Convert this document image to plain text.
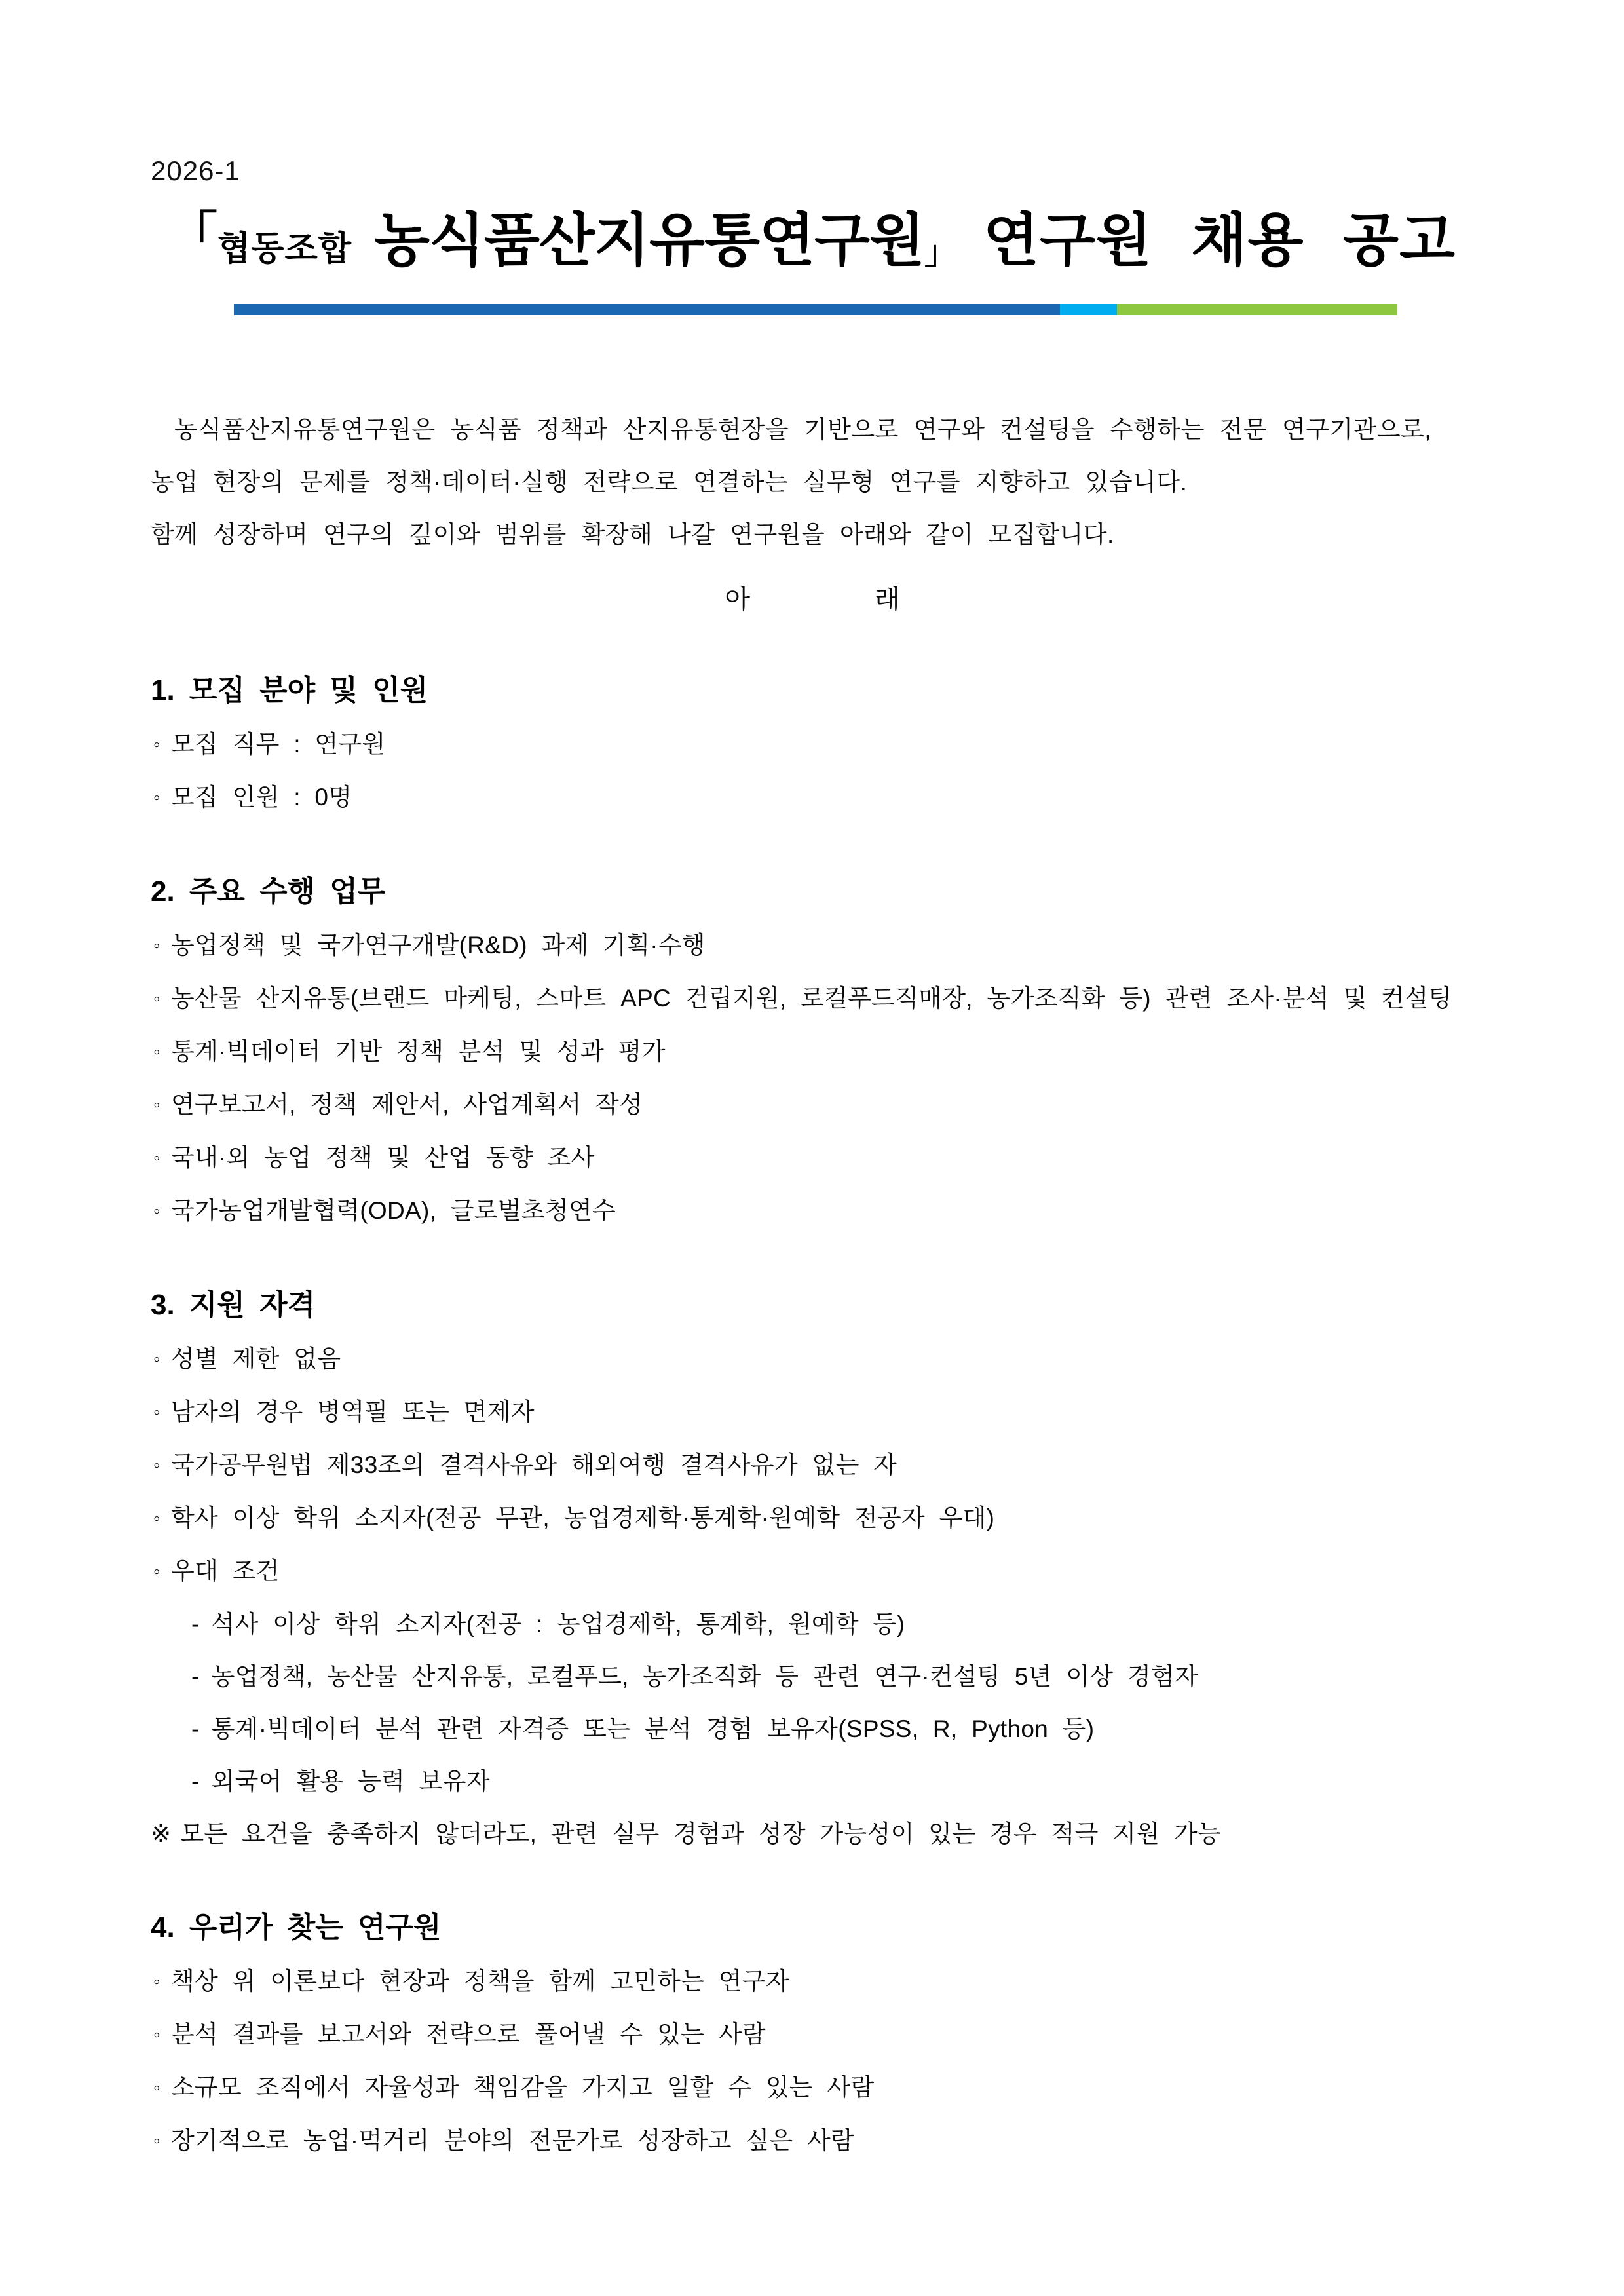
2026-1
「협동조합 농식품산지유통연구원」 연구원 채용 공고
농식품산지유통연구원은 농식품 정책과 산지유통현장을 기반으로 연구와 컨설팅을 수행하는 전문 연구기관으로,
농업 현장의 문제를 정책·데이터·실행 전략으로 연결하는 실무형 연구를 지향하고 있습니다.
함께 성장하며 연구의 깊이와 범위를 확장해 나갈 연구원을 아래와 같이 모집합니다.
아	래
1. 모집 분야 및 인원
◦ 모집 직무 : 연구원
◦ 모집 인원 : 0명
2. 주요 수행 업무
◦ 농업정책 및 국가연구개발(R&D) 과제 기획·수행
◦ 농산물 산지유통(브랜드 마케팅, 스마트 APC 건립지원, 로컬푸드직매장, 농가조직화 등) 관련 조사·분석 및 컨설팅
◦ 통계·빅데이터 기반 정책 분석 및 성과 평가
◦ 연구보고서, 정책 제안서, 사업계획서 작성
◦ 국내·외 농업 정책 및 산업 동향 조사
◦ 국가농업개발협력(ODA), 글로벌초청연수
3. 지원 자격
◦ 성별 제한 없음
◦ 남자의 경우 병역필 또는 면제자
◦ 국가공무원법 제33조의 결격사유와 해외여행 결격사유가 없는 자
◦ 학사 이상 학위 소지자(전공 무관, 농업경제학·통계학·원예학 전공자 우대)
◦ 우대 조건
- 석사 이상 학위 소지자(전공 : 농업경제학, 통계학, 원예학 등)
- 농업정책, 농산물 산지유통, 로컬푸드, 농가조직화 등 관련 연구·컨설팅 5년 이상 경험자
- 통계·빅데이터 분석 관련 자격증 또는 분석 경험 보유자(SPSS, R, Python 등)
- 외국어 활용 능력 보유자
※ 모든 요건을 충족하지 않더라도, 관련 실무 경험과 성장 가능성이 있는 경우 적극 지원 가능
4. 우리가 찾는 연구원
◦ 책상 위 이론보다 현장과 정책을 함께 고민하는 연구자
◦ 분석 결과를 보고서와 전략으로 풀어낼 수 있는 사람
◦ 소규모 조직에서 자율성과 책임감을 가지고 일할 수 있는 사람
◦ 장기적으로 농업·먹거리 분야의 전문가로 성장하고 싶은 사람
